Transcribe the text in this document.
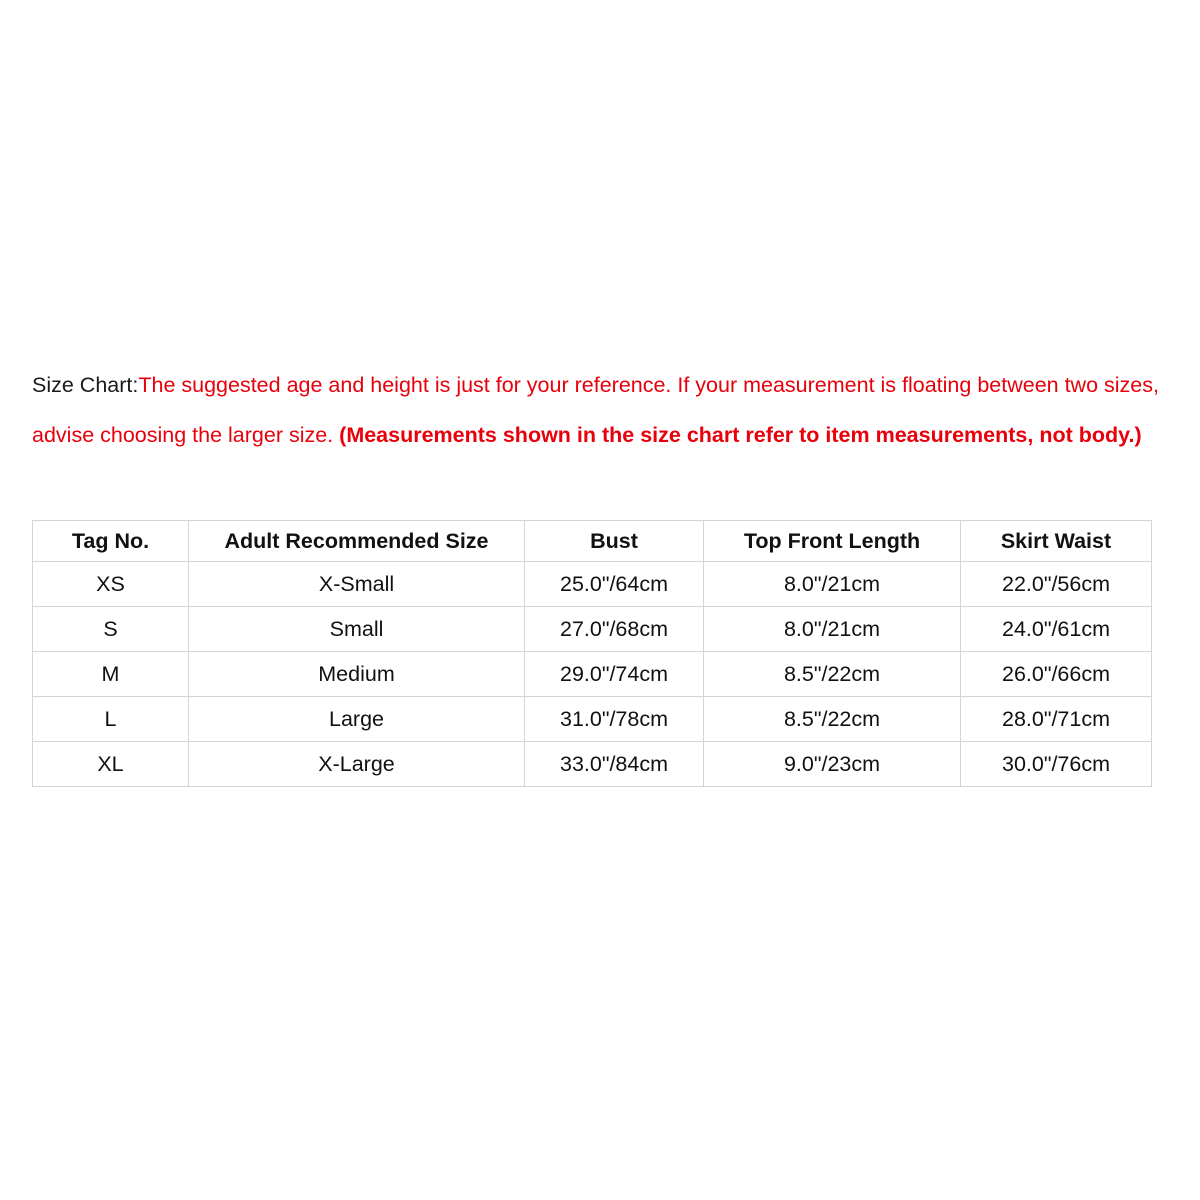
Size Chart:The suggested age and height is just for your reference. If your measurement is floating between two sizes, advise choosing the larger size. (Measurements shown in the size chart refer to item measurements, not body.)

Tag No.	Adult Recommended Size	Bust	Top Front Length	Skirt Waist
XS	X-Small	25.0"/64cm	8.0"/21cm	22.0"/56cm
S	Small	27.0"/68cm	8.0"/21cm	24.0"/61cm
M	Medium	29.0"/74cm	8.5"/22cm	26.0"/66cm
L	Large	31.0"/78cm	8.5"/22cm	28.0"/71cm
XL	X-Large	33.0"/84cm	9.0"/23cm	30.0"/76cm
